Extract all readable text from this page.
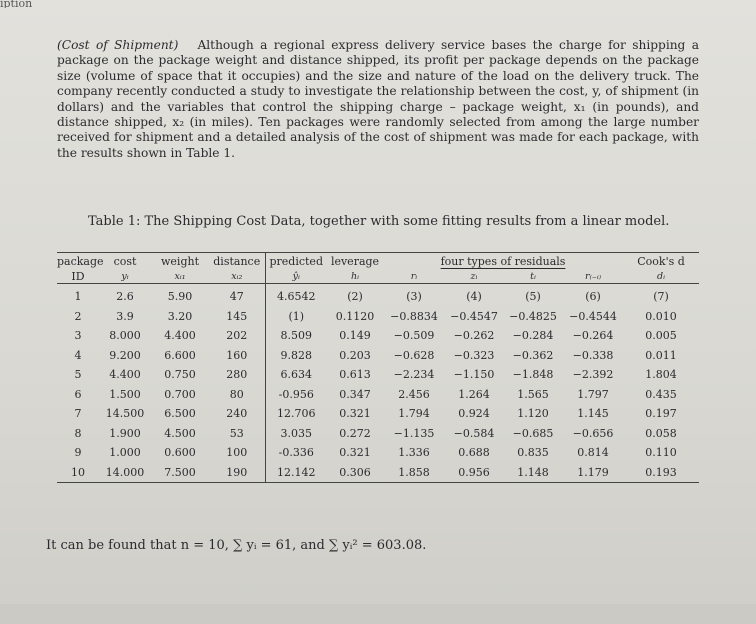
iption
(Cost of Shipment) Although a regional express delivery service bases the charge for shipping a package on the package weight and distance shipped, its profit per package depends on the package size (volume of space that it occupies) and the size and nature of the load on the delivery truck. The company recently conducted a study to investigate the relationship between the cost, y, of shipment (in dollars) and the variables that control the shipping charge – package weight, x₁ (in pounds), and distance shipped, x₂ (in miles). Ten packages were randomly selected from among the large number received for shipment and a detailed analysis of the cost of shipment was made for each package, with the results shown in Table 1.
Table 1: The Shipping Cost Data, together with some fitting results from a linear model.
package	cost	weight	distance	predicted	leverage	four types of residuals				Cook's d
ID	yᵢ	xᵢ₁	xᵢ₂	ŷᵢ	hᵢ	rᵢ	zᵢ	tᵢ	r₍₋ᵢ₎	dᵢ
1	2.6	5.90	47	4.6542	(2)	(3)	(4)	(5)	(6)	(7)
2	3.9	3.20	145	(1)	0.1120	−0.8834	−0.4547	−0.4825	−0.4544	0.010
3	8.000	4.400	202	8.509	0.149	−0.509	−0.262	−0.284	−0.264	0.005
4	9.200	6.600	160	9.828	0.203	−0.628	−0.323	−0.362	−0.338	0.011
5	4.400	0.750	280	6.634	0.613	−2.234	−1.150	−1.848	−2.392	1.804
6	1.500	0.700	80	-0.956	0.347	2.456	1.264	1.565	1.797	0.435
7	14.500	6.500	240	12.706	0.321	1.794	0.924	1.120	1.145	0.197
8	1.900	4.500	53	3.035	0.272	−1.135	−0.584	−0.685	−0.656	0.058
9	1.000	0.600	100	-0.336	0.321	1.336	0.688	0.835	0.814	0.110
10	14.000	7.500	190	12.142	0.306	1.858	0.956	1.148	1.179	0.193
It can be found that n = 10, ∑ yᵢ = 61, and ∑ yᵢ² = 603.08.
